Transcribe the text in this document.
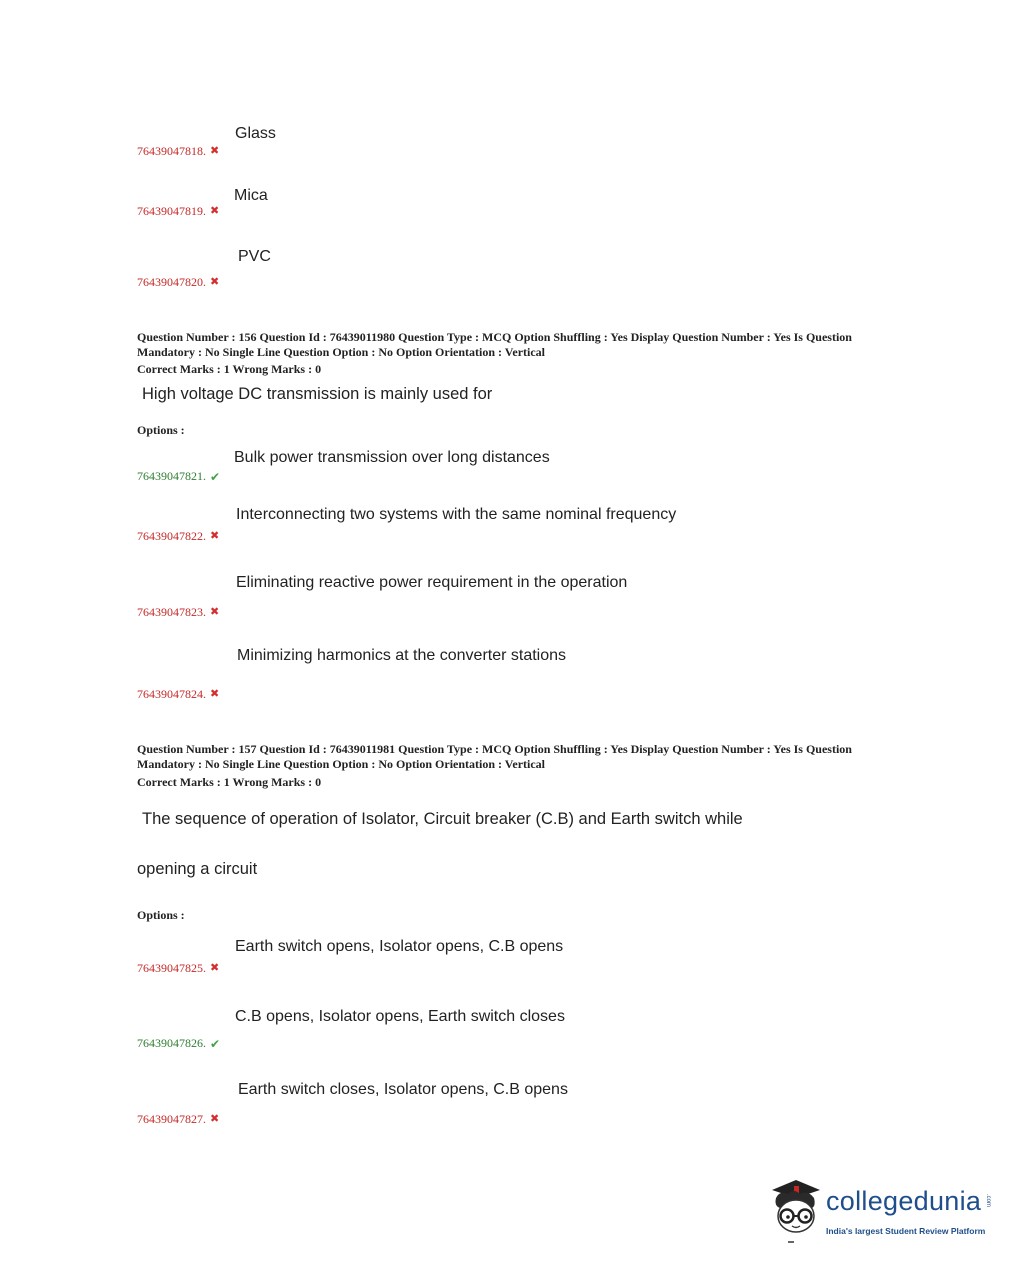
Glass
76439047818. ✖
Mica
76439047819. ✖
PVC
76439047820. ✖
Question Number : 156 Question Id : 76439011980 Question Type : MCQ Option Shuffling : Yes Display Question Number : Yes Is Question Mandatory : No Single Line Question Option : No Option Orientation : Vertical
Correct Marks : 1 Wrong Marks : 0
High voltage DC transmission is mainly used for
Options :
Bulk power transmission over long distances
76439047821. ✔
Interconnecting two systems with the same nominal frequency
76439047822. ✖
Eliminating reactive power requirement in the operation
76439047823. ✖
Minimizing harmonics at the converter stations
76439047824. ✖
Question Number : 157 Question Id : 76439011981 Question Type : MCQ Option Shuffling : Yes Display Question Number : Yes Is Question Mandatory : No Single Line Question Option : No Option Orientation : Vertical
Correct Marks : 1 Wrong Marks : 0
The sequence of operation of Isolator, Circuit breaker (C.B) and Earth switch while
opening a circuit
Options :
Earth switch opens, Isolator opens, C.B opens
76439047825. ✖
C.B opens, Isolator opens, Earth switch closes
76439047826. ✔
Earth switch closes, Isolator opens, C.B opens
76439047827. ✖
collegedunia .com
India's largest Student Review Platform
